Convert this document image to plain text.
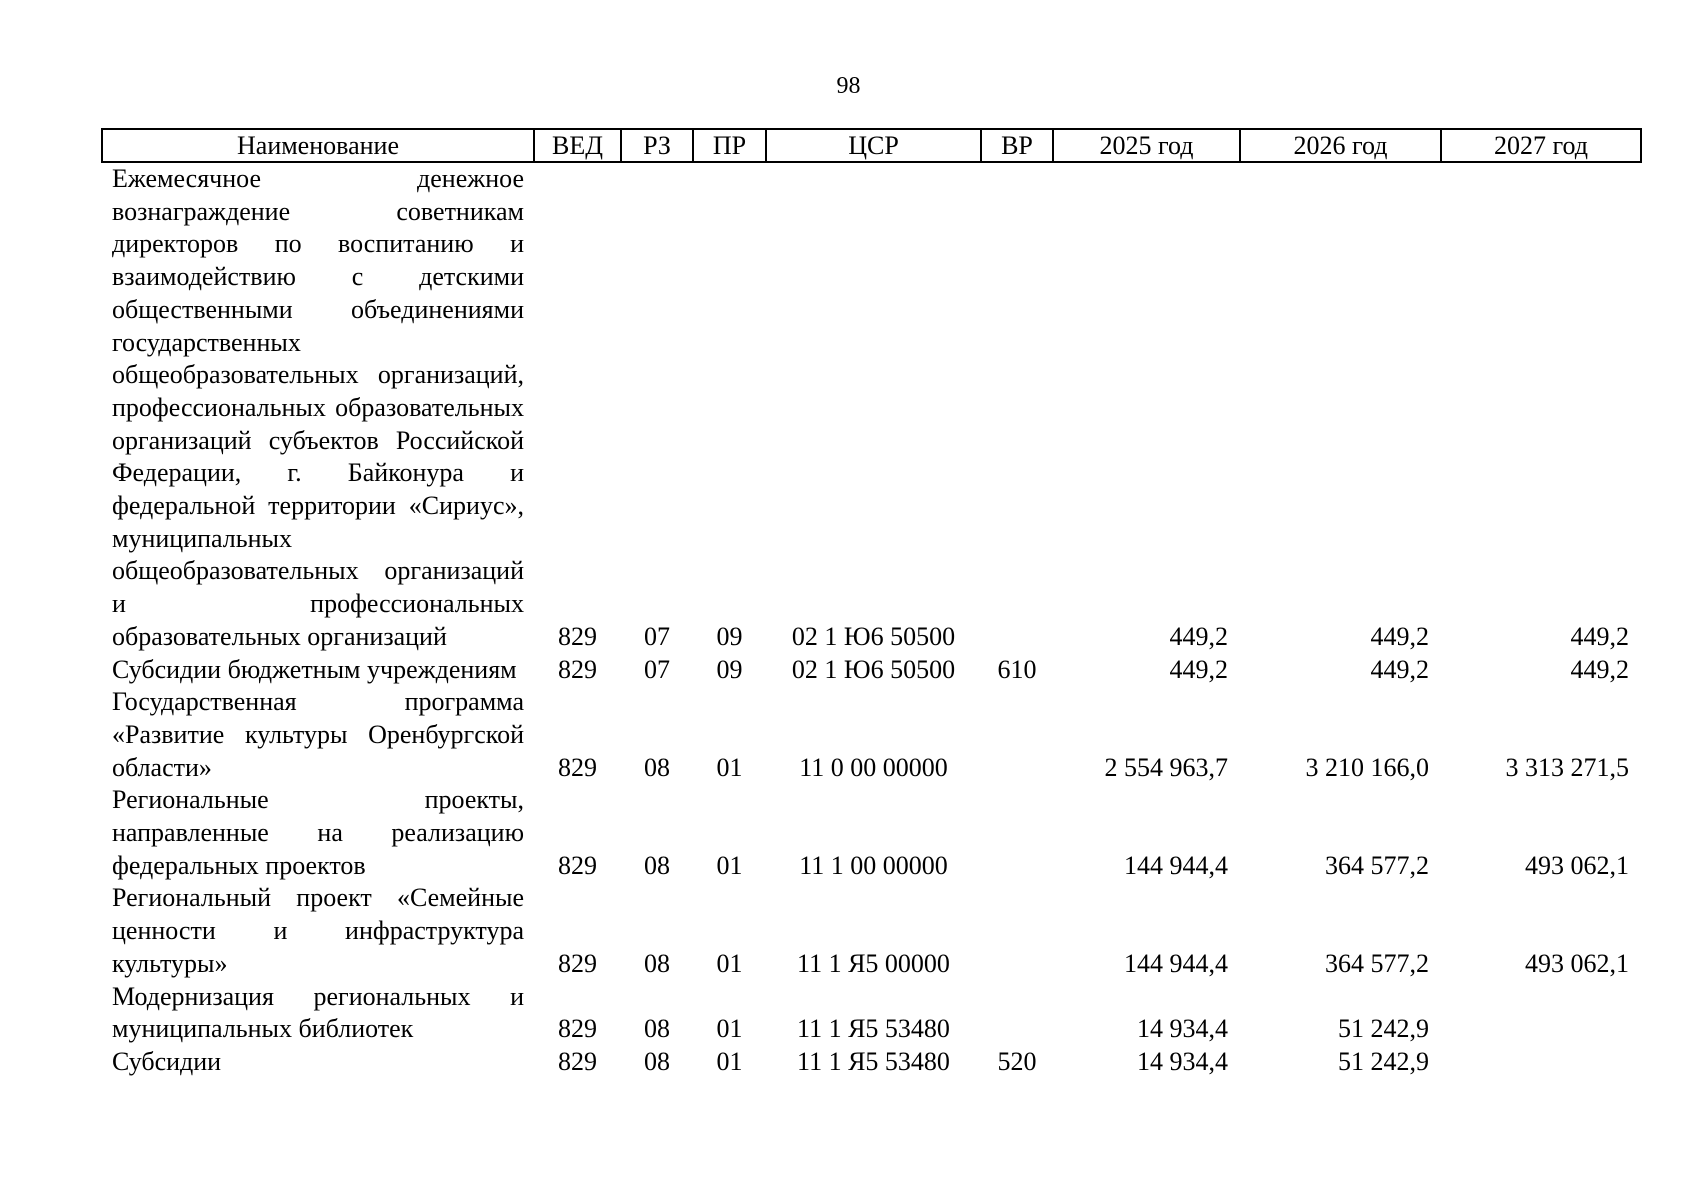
98
Наименование	ВЕД	РЗ	ПР	ЦСР	ВР	2025 год	2026 год	2027 год
Ежемесячное денежное вознаграждение советникам директоров по воспитанию и взаимодействию с детскими общественными объединениями государственных общеобразовательных организаций, профессиональных образовательных организаций субъектов Российской Федерации, г. Байконура и федеральной территории «Сириус», муниципальных общеобразовательных организаций и профессиональных образовательных организаций	829	07	09	02 1 Ю6 50500		449,2	449,2	449,2
Субсидии бюджетным учреждениям	829	07	09	02 1 Ю6 50500	610	449,2	449,2	449,2
Государственная программа «Развитие культуры Оренбургской области»	829	08	01	11 0 00 00000		2 554 963,7	3 210 166,0	3 313 271,5
Региональные проекты, направленные на реализацию федеральных проектов	829	08	01	11 1 00 00000		144 944,4	364 577,2	493 062,1
Региональный проект «Семейные ценности и инфраструктура культуры»	829	08	01	11 1 Я5 00000		144 944,4	364 577,2	493 062,1
Модернизация региональных и муниципальных библиотек	829	08	01	11 1 Я5 53480		14 934,4	51 242,9	
Субсидии	829	08	01	11 1 Я5 53480	520	14 934,4	51 242,9	
